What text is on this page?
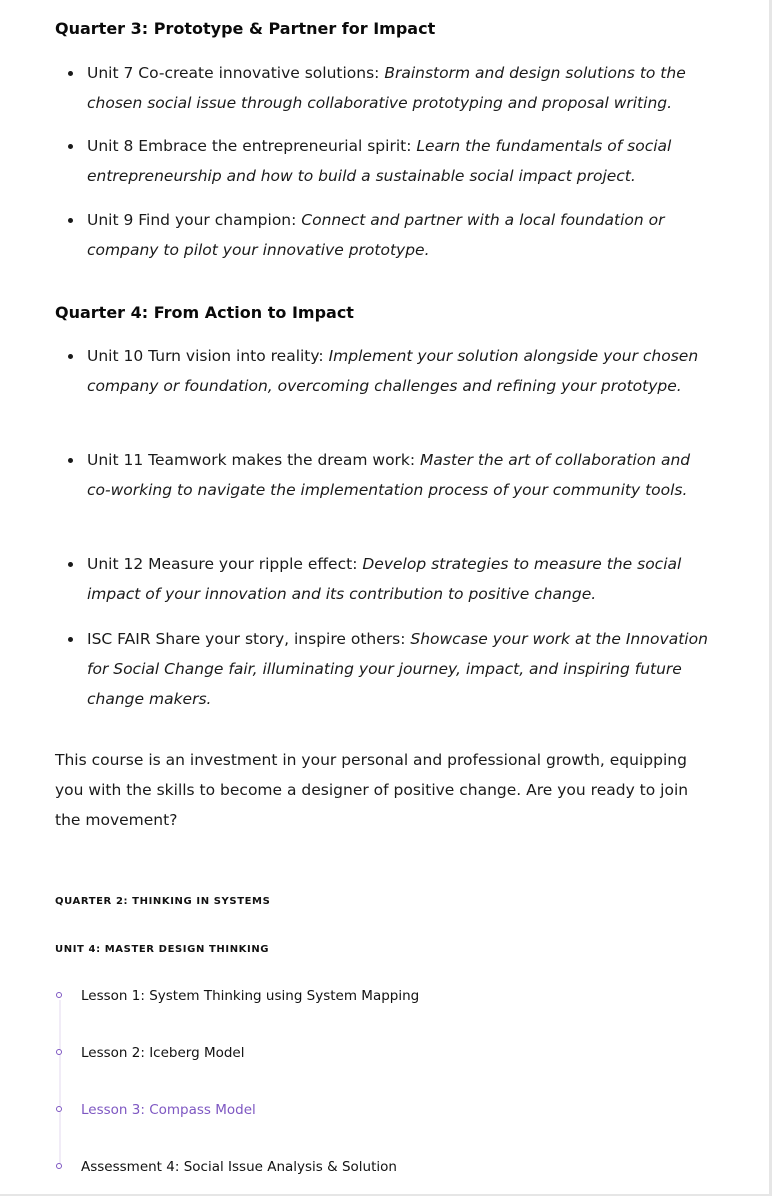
Quarter 3: Prototype & Partner for Impact
Unit 7 Co-create innovative solutions: Brainstorm and design solutions to the chosen social issue through collaborative prototyping and proposal writing.
Unit 8 Embrace the entrepreneurial spirit: Learn the fundamentals of social entrepreneurship and how to build a sustainable social impact project.
Unit 9 Find your champion: Connect and partner with a local foundation or company to pilot your innovative prototype.
Quarter 4: From Action to Impact
Unit 10 Turn vision into reality: Implement your solution alongside your chosen company or foundation, overcoming challenges and refining your prototype.
Unit 11 Teamwork makes the dream work: Master the art of collaboration and co-working to navigate the implementation process of your community tools.
Unit 12 Measure your ripple effect: Develop strategies to measure the social impact of your innovation and its contribution to positive change.
ISC FAIR Share your story, inspire others: Showcase your work at the Innovation for Social Change fair, illuminating your journey, impact, and inspiring future change makers.

This course is an investment in your personal and professional growth, equipping you with the skills to become a designer of positive change. Are you ready to join the movement?

QUARTER 2: THINKING IN SYSTEMS
UNIT 4: MASTER DESIGN THINKING
Lesson 1: System Thinking using System Mapping
Lesson 2: Iceberg Model
Lesson 3: Compass Model
Assessment 4: Social Issue Analysis & Solution
